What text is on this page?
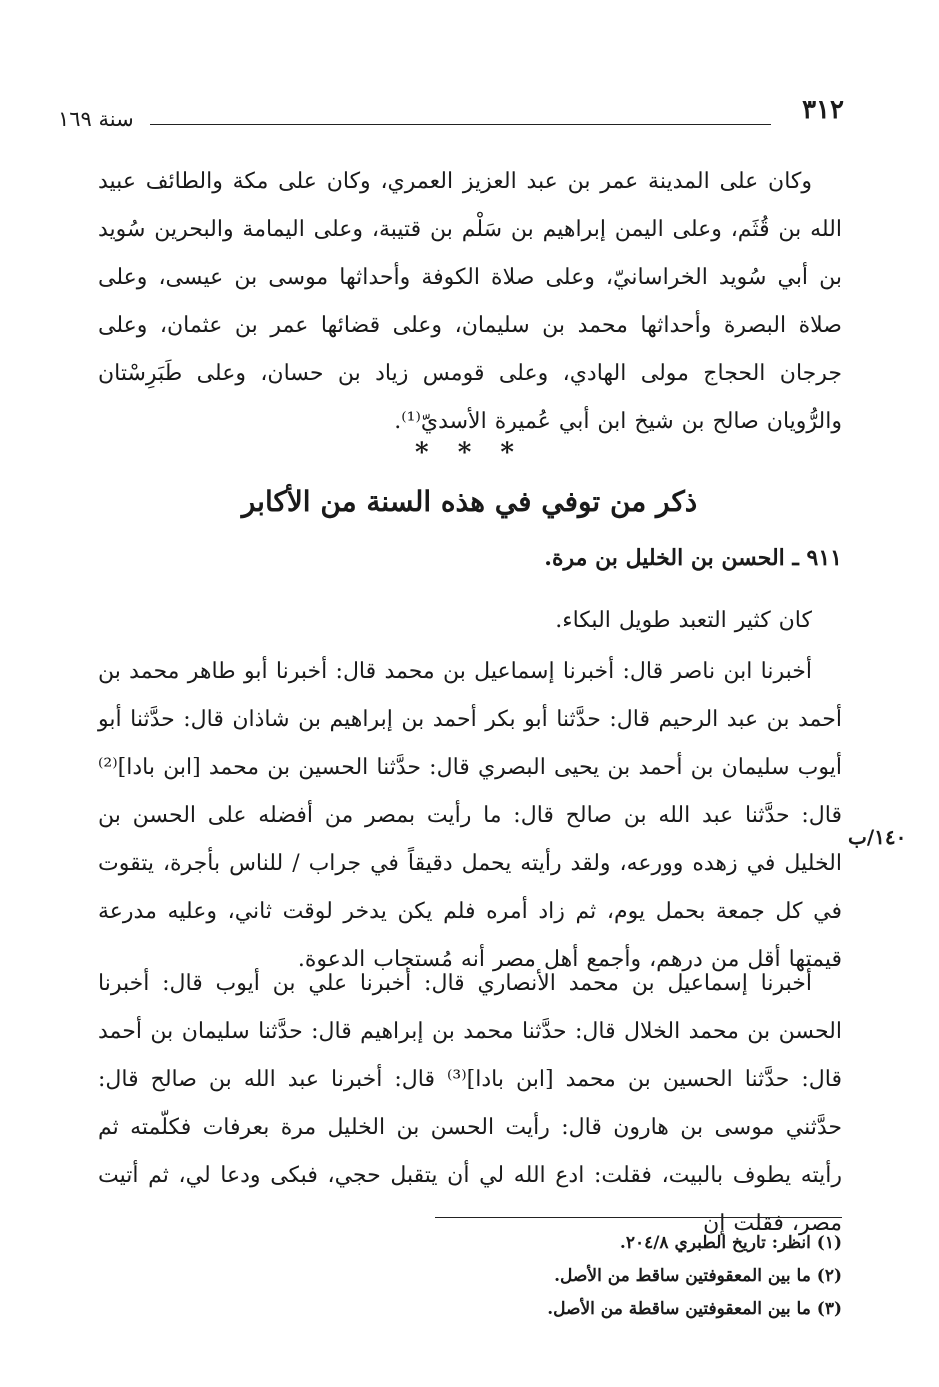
٣١٢
سنة ١٦٩

وكان على المدينة عمر بن عبد العزيز العمري، وكان على مكة والطائف عبيد الله بن قُثَم، وعلى اليمن إبراهيم بن سَلْم بن قتيبة، وعلى اليمامة والبحرين سُويد بن أبي سُويد الخراسانيّ، وعلى صلاة الكوفة وأحداثها موسى بن عيسى، وعلى صلاة البصرة وأحداثها محمد بن سليمان، وعلى قضائها عمر بن عثمان، وعلى جرجان الحجاج مولى الهادي، وعلى قومس زياد بن حسان، وعلى طَبَرِسْتان والرُّويان صالح بن شيخ ابن أبي عُميرة الأسديّ⁽¹⁾.

* * *
ذكر من توفي في هذه السنة من الأكابر
٩١١ ـ الحسن بن الخليل بن مرة.

كان كثير التعبد طويل البكاء.

أخبرنا ابن ناصر قال: أخبرنا إسماعيل بن محمد قال: أخبرنا أبو طاهر محمد بن أحمد بن عبد الرحيم قال: حدَّثنا أبو بكر أحمد بن إبراهيم بن شاذان قال: حدَّثنا أبو أيوب سليمان بن أحمد بن يحيى البصري قال: حدَّثنا الحسين بن محمد [ابن بادا]⁽²⁾ قال: حدَّثنا عبد الله بن صالح قال: ما رأيت بمصر من أفضله على الحسن بن الخليل في زهده وورعه، ولقد رأيته يحمل دقيقاً في جراب / للناس بأجرة، يتقوت في كل جمعة بحمل يوم، ثم زاد أمره فلم يكن يدخر لوقت ثاني، وعليه مدرعة قيمتها أقل من درهم، وأجمع أهل مصر أنه مُستجاب الدعوة.

١٤٠/ب

أخبرنا إسماعيل بن محمد الأنصاري قال: أخبرنا علي بن أيوب قال: أخبرنا الحسن بن محمد الخلال قال: حدَّثنا محمد بن إبراهيم قال: حدَّثنا سليمان بن أحمد قال: حدَّثنا الحسين بن محمد [ابن بادا]⁽³⁾ قال: أخبرنا عبد الله بن صالح قال: حدَّثني موسى بن هارون قال: رأيت الحسن بن الخليل مرة بعرفات فكلّمته ثم رأيته يطوف بالبيت، فقلت: ادع الله لي أن يتقبل حجي، فبكى ودعا لي، ثم أتيت مصر، فقلت إن

(١) انظر: تاريخ الطبري ٢٠٤/٨.
(٢) ما بين المعقوفتين ساقط من الأصل.
(٣) ما بين المعقوفتين ساقطة من الأصل.
